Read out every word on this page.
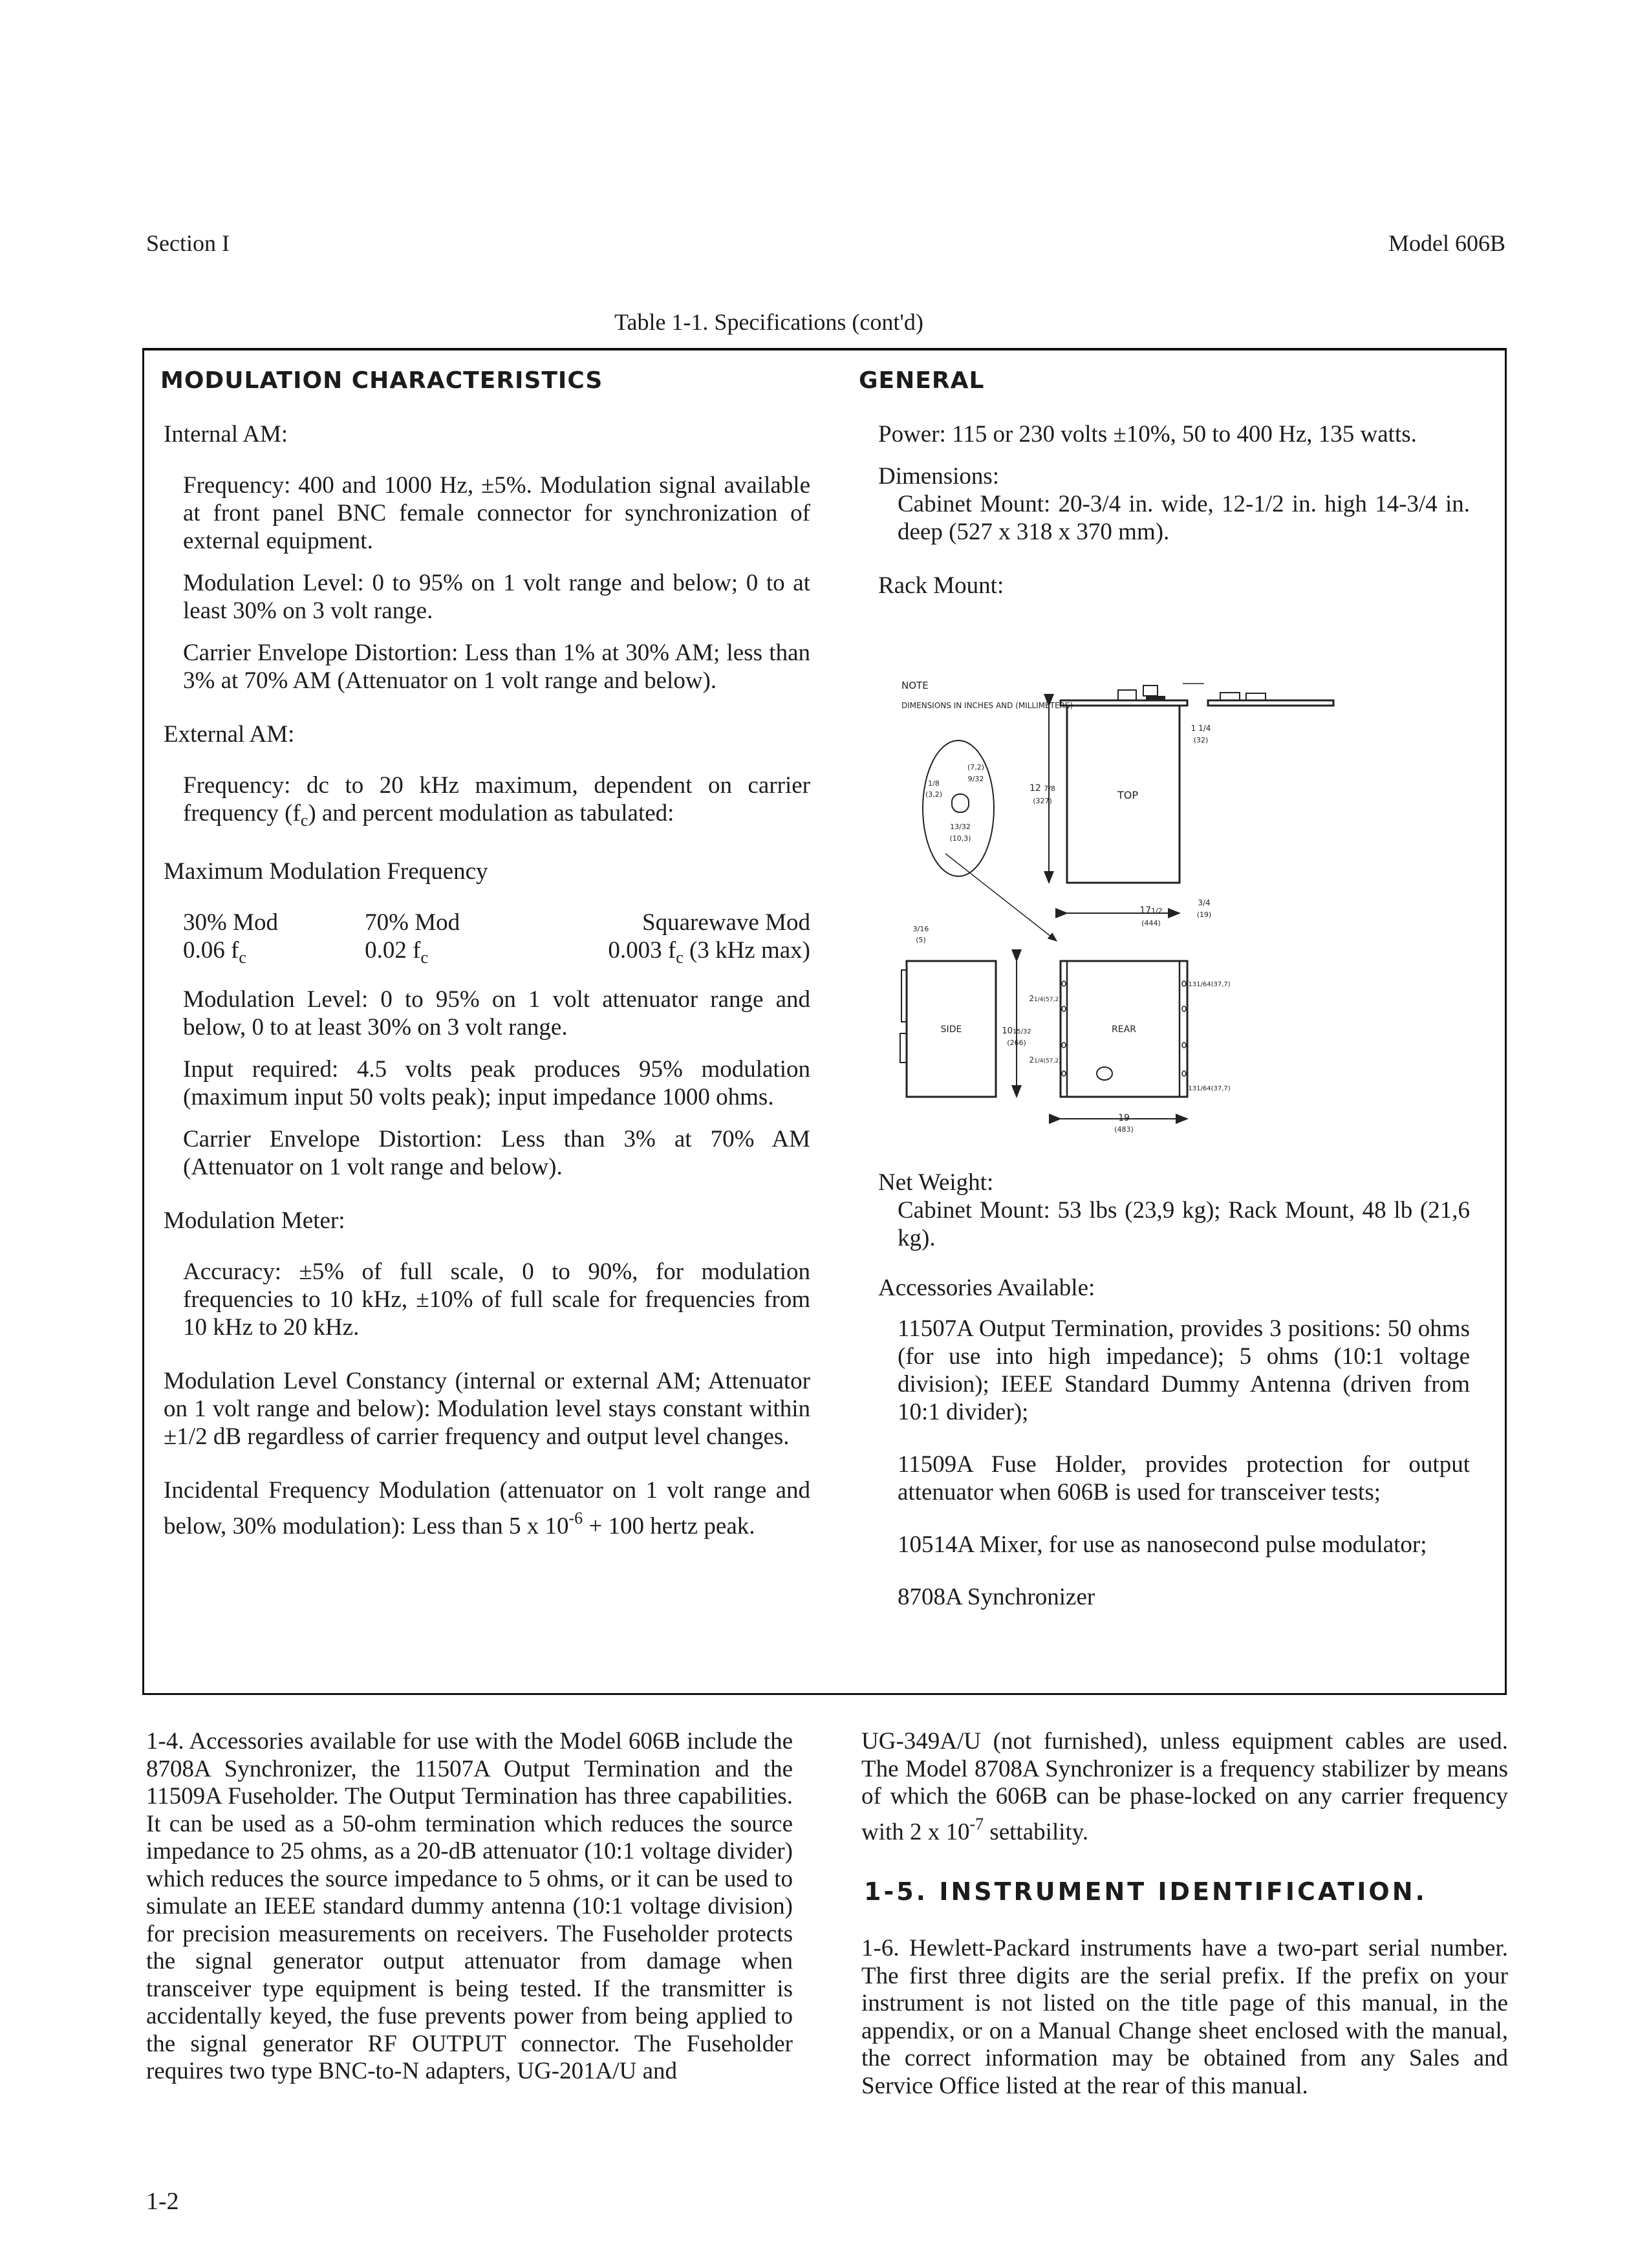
Section I	Model 606B
Table 1-1. Specifications (cont'd)
MODULATION CHARACTERISTICS
Internal AM:

Frequency: 400 and 1000 Hz, ±5%. Modulation signal available at front panel BNC female connector for synchronization of external equipment.

Modulation Level: 0 to 95% on 1 volt range and below; 0 to at least 30% on 3 volt range.

Carrier Envelope Distortion: Less than 1% at 30% AM; less than 3% at 70% AM (Attenuator on 1 volt range and below).

External AM:

Frequency: dc to 20 kHz maximum, dependent on carrier frequency $(f_c)$ and percent modulation as tabulated:

Maximum Modulation Frequency
30% Mod	70% Mod	Squarewave Mod
0.06 $f_c$	0.02 $f_c$	0.003 $f_c$ (3 kHz max)

Modulation Level: 0 to 95% on 1 volt attenuator range and below, 0 to at least 30% on 3 volt range.

Input required: 4.5 volts peak produces 95% modulation (maximum input 50 volts peak); input impedance 1000 ohms.

Carrier Envelope Distortion: Less than 3% at 70% AM (Attenuator on 1 volt range and below).

Modulation Meter:

Accuracy: ±5% of full scale, 0 to 90%, for modulation frequencies to 10 kHz, ±10% of full scale for frequencies from 10 kHz to 20 kHz.

Modulation Level Constancy (internal or external AM; Attenuator on 1 volt range and below): Modulation level stays constant within ±1/2 dB regardless of carrier frequency and output level changes.

Incidental Frequency Modulation (attenuator on 1 volt range and below, 30% modulation): Less than 5 x $10^{-6} + 100$ hertz peak.

GENERAL

Power: 115 or 230 volts ±10%, 50 to 400 Hz, 135 watts.

Dimensions:

Cabinet Mount: 20-3/4 in. wide, 12-1/2 in. high 14-3/4 in. deep (527 x 318 x 370 mm).

Rack Mount:
Net Weight:

Cabinet Mount: 53 lbs (23,9 kg); Rack Mount, 48 lb (21,6 kg).

Accessories Available:

11507A Output Termination, provides 3 positions: 50 ohms (for use into high impedance); 5 ohms (10:1 voltage division); IEEE Standard Dummy Antenna (driven from 10:1 divider);

11509A Fuse Holder, provides protection for output attenuator when 606B is used for transceiver tests;

10514A Mixer, for use as nanosecond pulse modulator;

8708A Synchronizer

NOTE
DIMENSIONS IN INCHES AND (MILLIMETERS)
TOP
12 7/8
(327)
1 1/4
(32)
3/4
(19)
171/2
(444)
1/8
(3,2)
(7,2)
9/32
13/32
(10,3)
SIDE
3/16
(5)
1015/32
(266)
REAR
21/4(57,2)
21/4(57,2)
131/64(37,7)
131/64(37,7)
19
(483)
1-4. Accessories available for use with the Model 606B include the 8708A Synchronizer, the 11507A Output Termination and the 11509A Fuseholder. The Output Termination has three capabilities. It can be used as a 50-ohm termination which reduces the source impedance to 25 ohms, as a 20-dB attenuator (10:1 voltage divider) which reduces the source impedance to 5 ohms, or it can be used to simulate an IEEE standard dummy antenna (10:1 voltage division) for precision measurements on receivers. The Fuseholder protects the signal generator output attenuator from damage when transceiver type equipment is being tested. If the transmitter is accidentally keyed, the fuse prevents power from being applied to the signal generator RF OUTPUT connector. The Fuseholder requires two type BNC-to-N adapters, UG-201A/U and
UG-349A/U (not furnished), unless equipment cables are used. The Model 8708A Synchronizer is a frequency stabilizer by means of which the 606B can be phase-locked on any carrier frequency with 2 x $10^{-7}$ settability.
1-5. INSTRUMENT IDENTIFICATION.
1-6. Hewlett-Packard instruments have a two-part serial number. The first three digits are the serial prefix. If the prefix on your instrument is not listed on the title page of this manual, in the appendix, or on a Manual Change sheet enclosed with the manual, the correct information may be obtained from any Sales and Service Office listed at the rear of this manual.
1-2
